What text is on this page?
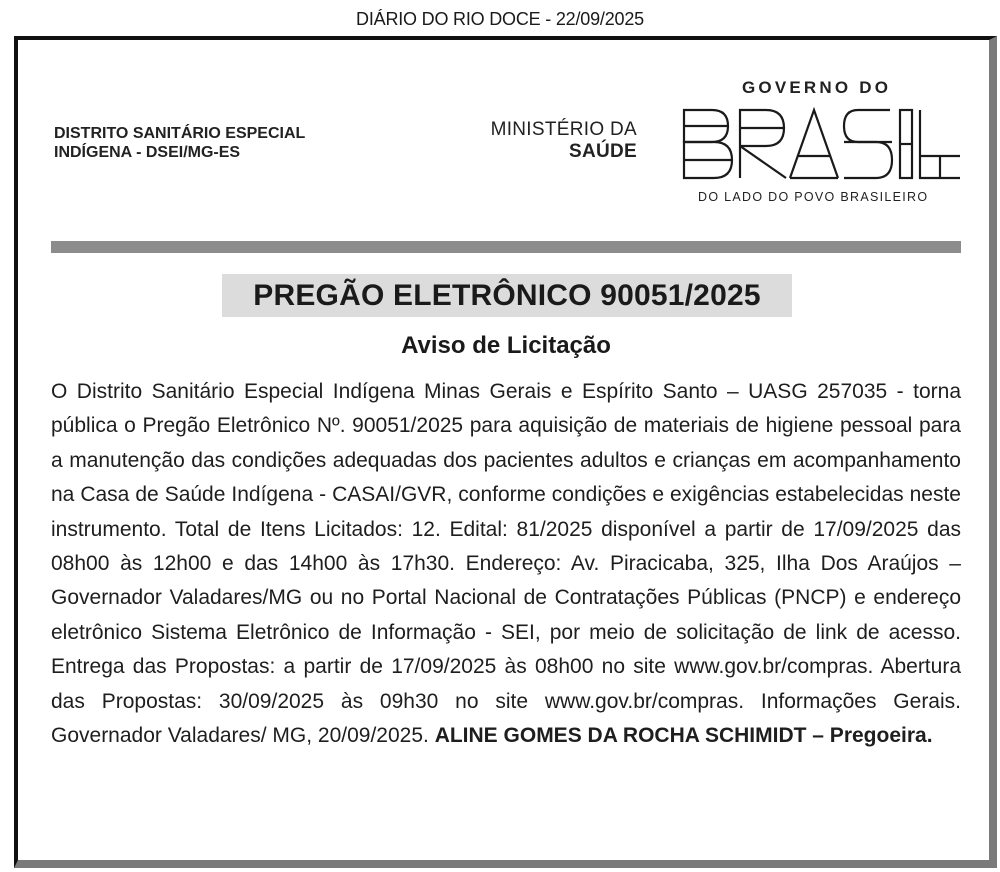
DIÁRIO DO RIO DOCE - 22/09/2025
DISTRITO SANITÁRIO ESPECIAL
INDÍGENA - DSEI/MG-ES
MINISTÉRIO DA
SAÚDE
GOVERNO DO
DO LADO DO POVO BRASILEIRO
PREGÃO ELETRÔNICO 90051/2025
Aviso de Licitação
O Distrito Sanitário Especial Indígena Minas Gerais e Espírito Santo – UASG 257035 - torna pública o Pregão Eletrônico Nº. 90051/2025 para aquisição de materiais de higiene pessoal para a manutenção das condições adequadas dos pacientes adultos e crianças em acompanhamento na Casa de Saúde Indígena - CASAI/GVR, conforme condições e exigências estabelecidas neste instrumento. Total de Itens Licitados: 12. Edital: 81/2025 disponível a partir de 17/09/2025 das 08h00 às 12h00 e das 14h00 às 17h30. Endereço: Av. Piracicaba, 325, Ilha Dos Araújos – Governador Valadares/MG ou no Portal Nacional de Contratações Públicas (PNCP) e endereço eletrônico Sistema Eletrônico de Informação - SEI, por meio de solicitação de link de acesso. Entrega das Propostas: a partir de 17/09/2025 às 08h00 no site www.gov.br/compras. Abertura das Propostas: 30/09/2025 às 09h30 no site www.gov.br/compras. Informações Gerais. Governador Valadares/ MG, 20/09/2025. ALINE GOMES DA ROCHA SCHIMIDT – Pregoeira.
